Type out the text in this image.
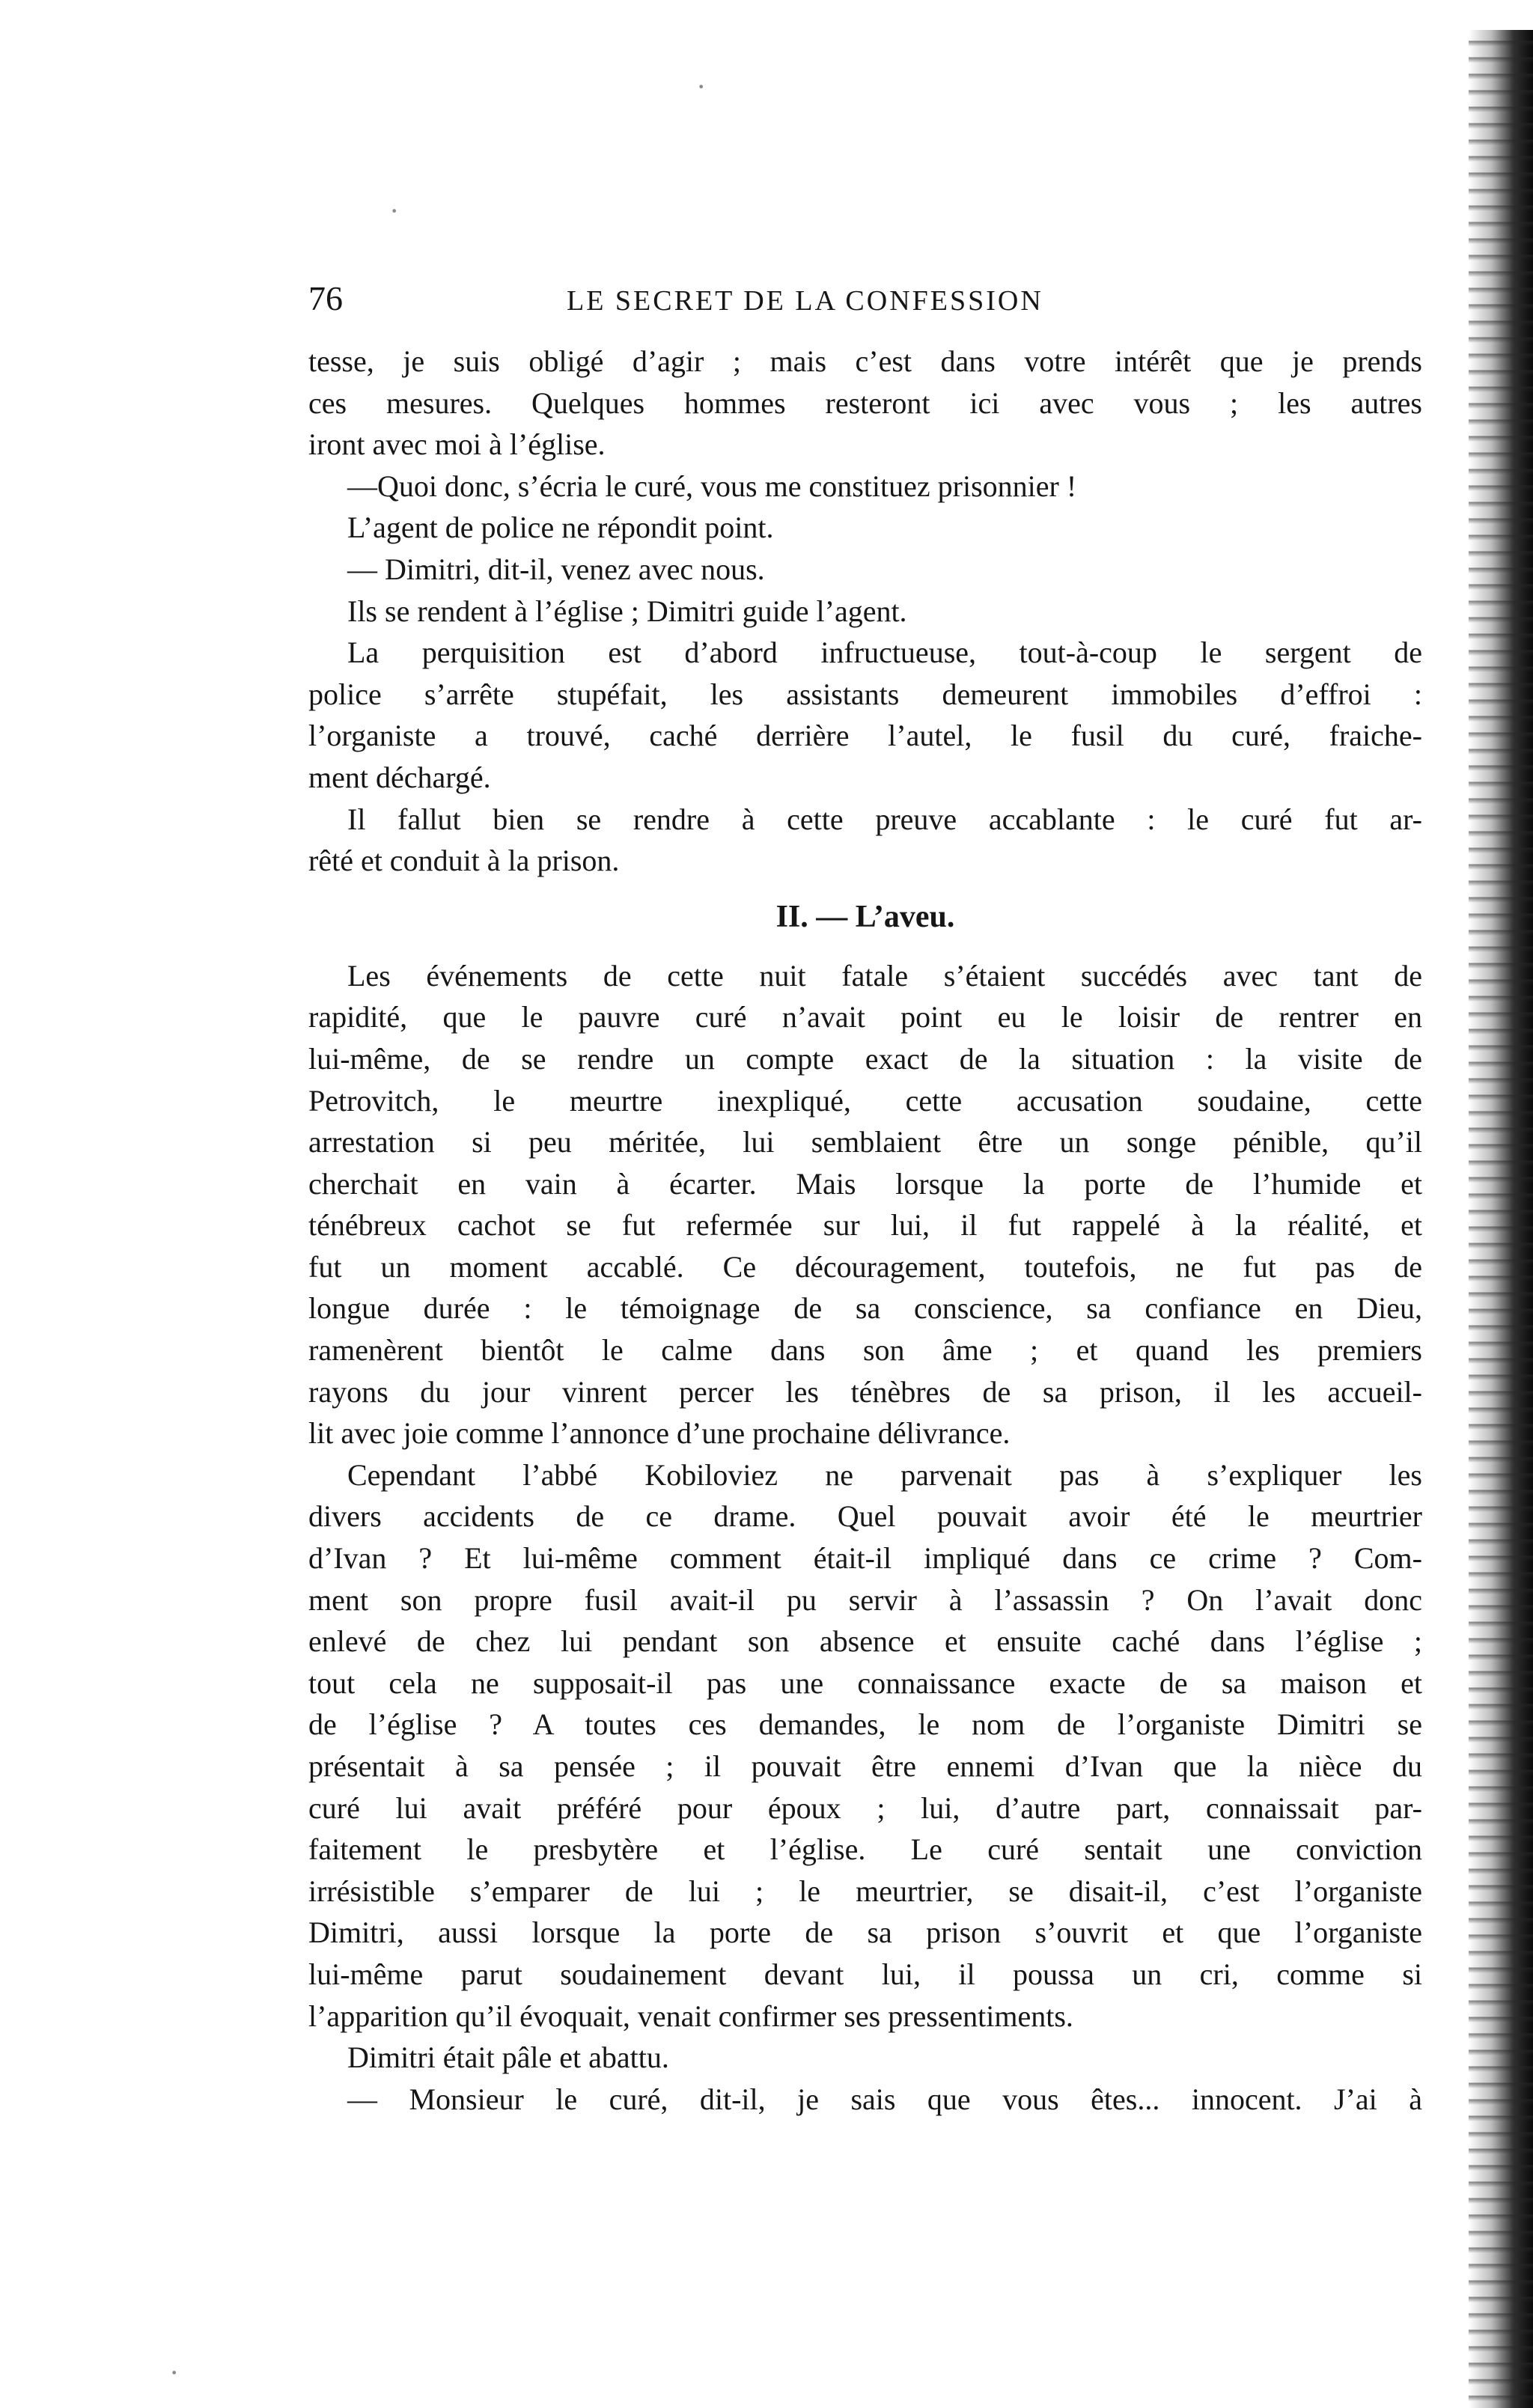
·
·
·
76	LE SECRET DE LA CONFESSION
tesse, je suis obligé d’agir ; mais c’est dans votre intérêt que je prends
ces mesures. Quelques hommes resteront ici avec vous ; les autres
iront avec moi à l’église.
—Quoi donc, s’écria le curé, vous me constituez prisonnier !
L’agent de police ne répondit point.
— Dimitri, dit-il, venez avec nous.
Ils se rendent à l’église ; Dimitri guide l’agent.
La perquisition est d’abord infructueuse, tout-à-coup le sergent de
police s’arrête stupéfait, les assistants demeurent immobiles d’effroi :
l’organiste a trouvé, caché derrière l’autel, le fusil du curé, fraiche-
ment déchargé.
Il fallut bien se rendre à cette preuve accablante : le curé fut ar-
rêté et conduit à la prison.
II. — L’aveu.
Les événements de cette nuit fatale s’étaient succédés avec tant de
rapidité, que le pauvre curé n’avait point eu le loisir de rentrer en
lui-même, de se rendre un compte exact de la situation : la visite de
Petrovitch, le meurtre inexpliqué, cette accusation soudaine, cette
arrestation si peu méritée, lui semblaient être un songe pénible, qu’il
cherchait en vain à écarter. Mais lorsque la porte de l’humide et
ténébreux cachot se fut refermée sur lui, il fut rappelé à la réalité, et
fut un moment accablé. Ce découragement, toutefois, ne fut pas de
longue durée : le témoignage de sa conscience, sa confiance en Dieu,
ramenèrent bientôt le calme dans son âme ; et quand les premiers
rayons du jour vinrent percer les ténèbres de sa prison, il les accueil-
lit avec joie comme l’annonce d’une prochaine délivrance.
Cependant l’abbé Kobiloviez ne parvenait pas à s’expliquer les
divers accidents de ce drame. Quel pouvait avoir été le meurtrier
d’Ivan ? Et lui-même comment était-il impliqué dans ce crime ? Com-
ment son propre fusil avait-il pu servir à l’assassin ? On l’avait donc
enlevé de chez lui pendant son absence et ensuite caché dans l’église ;
tout cela ne supposait-il pas une connaissance exacte de sa maison et
de l’église ? A toutes ces demandes, le nom de l’organiste Dimitri se
présentait à sa pensée ; il pouvait être ennemi d’Ivan que la nièce du
curé lui avait préféré pour époux ; lui, d’autre part, connaissait par-
faitement le presbytère et l’église. Le curé sentait une conviction
irrésistible s’emparer de lui ; le meurtrier, se disait-il, c’est l’organiste
Dimitri, aussi lorsque la porte de sa prison s’ouvrit et que l’organiste
lui-même parut soudainement devant lui, il poussa un cri, comme si
l’apparition qu’il évoquait, venait confirmer ses pressentiments.
Dimitri était pâle et abattu.
— Monsieur le curé, dit-il, je sais que vous êtes... innocent. J’ai à
